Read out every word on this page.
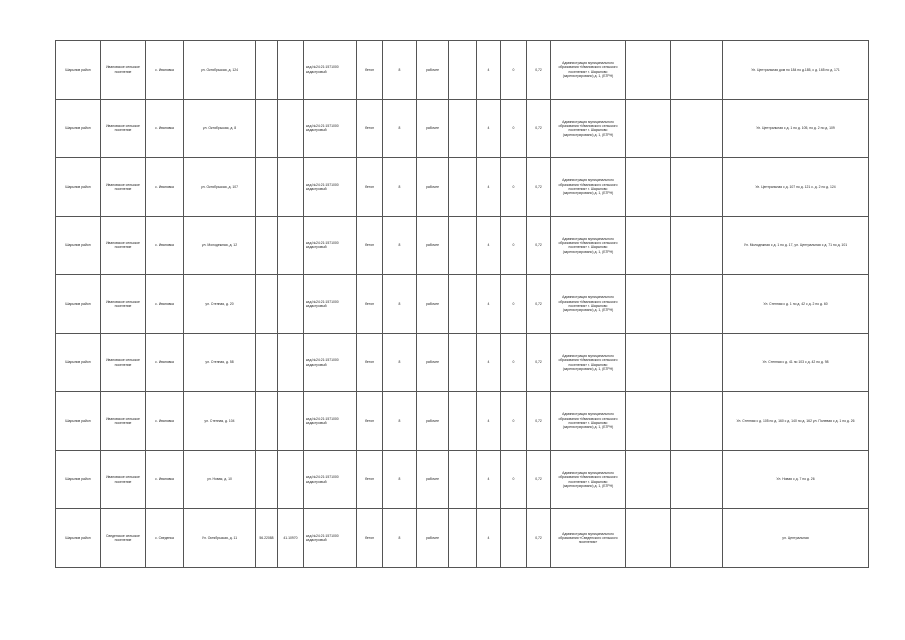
Шарыпов район	Ивановское сельское поселение	с. Ивановка	ул. Октябрьская, д. 124			кад.№24:21:1571000 кадастровый	бетон	8	рабочее		4	0	0,72	Администрация муниципального образования «Ивановского сельского поселения» г. Шарыпово (зарегистрировано) д. 1, (БТРН)			Ул. Центральная дом по 184 по д.185, с д. 165 по д. 171
Шарыпов район	Ивановское сельское поселение	с. Ивановка	ул. Октябрьская, д. 8			кад.№24:21:1571000 кадастровый	бетон	8	рабочее		4	0	0,72	Администрация муниципального образования «Ивановского сельского поселения» г. Шарыпово (зарегистрировано) д. 1, (БТРН)			Ул. Центральная с д. 1 по д. 105, по д. 2 по д. 109
Шарыпов район	Ивановское сельское поселение	с. Ивановка	ул. Октябрьская, д. 107			кад.№24:21:1571000 кадастровый	бетон	8	рабочее		4	0	0,72	Администрация муниципального образования «Ивановского сельского поселения» г. Шарыпово (зарегистрировано) д. 1, (БТРН)			Ул. Центральная с д. 107 по д. 121 с. д. 2 по д. 124
Шарыпов район	Ивановское сельское поселение	с. Ивановка	ул. Молодежная, д. 12			кад.№24:21:1571000 кадастровый	бетон	8	рабочее		4	0	0,72	Администрация муниципального образования «Ивановского сельского поселения» г. Шарыпово (зарегистрировано) д. 1, (БТРН)			Ул. Молодежная с д. 1 по д. 17, ул. Центральная с д. 71 по д. 101
Шарыпов район	Ивановское сельское поселение	с. Ивановка	ул. Степная, д. 20			кад.№24:21:1571000 кадастровый	бетон	8	рабочее		4	0	0,72	Администрация муниципального образования «Ивановского сельского поселения» г. Шарыпово (зарегистрировано) д. 1, (БТРН)			Ул. Степная с д. 1 по д. 42 с д. 2 по д. 60
Шарыпов район	Ивановское сельское поселение	с. Ивановка	ул. Степная, д. 58			кад.№24:21:1571000 кадастровый	бетон	8	рабочее		4	0	0,72	Администрация муниципального образования «Ивановского сельского поселения» г. Шарыпово (зарегистрировано) д. 1, (БТРН)			Ул. Степная с д. 41 по 103 с д. 42 по д. 98
Шарыпов район	Ивановское сельское поселение	с. Ивановка	ул. Степная, д. 104			кад.№24:21:1571000 кадастровый	бетон	8	рабочее		4	0	0,72	Администрация муниципального образования «Ивановского сельского поселения» г. Шарыпово (зарегистрировано) д. 1, (БТРН)			Ул. Степная с д. 105 по д. 160 с д. 140 по д. 162 ул. Полевая с д. 1 по д. 26
Шарыпов район	Ивановское сельское поселение	с. Ивановка	ул. Новая, д. 10			кад.№24:21:1571000 кадастровый	бетон	8	рабочее		4	0	0,72	Администрация муниципального образования «Ивановского сельского поселения» г. Шарыпово (зарегистрировано) д. 1, (БТРН)			Ул. Новая с д. 7 по д. 26
Шарыпов район	Сведенское сельское поселение	с. Сведенка	Ул. Октябрьская, д. 11	56.22088	41.10970	кад.№24:21:1571000 кадастровый	бетон	8	рабочее		4		0,72	Администрация муниципального образования «Сведенского сельского поселения»			ул. Центральная
